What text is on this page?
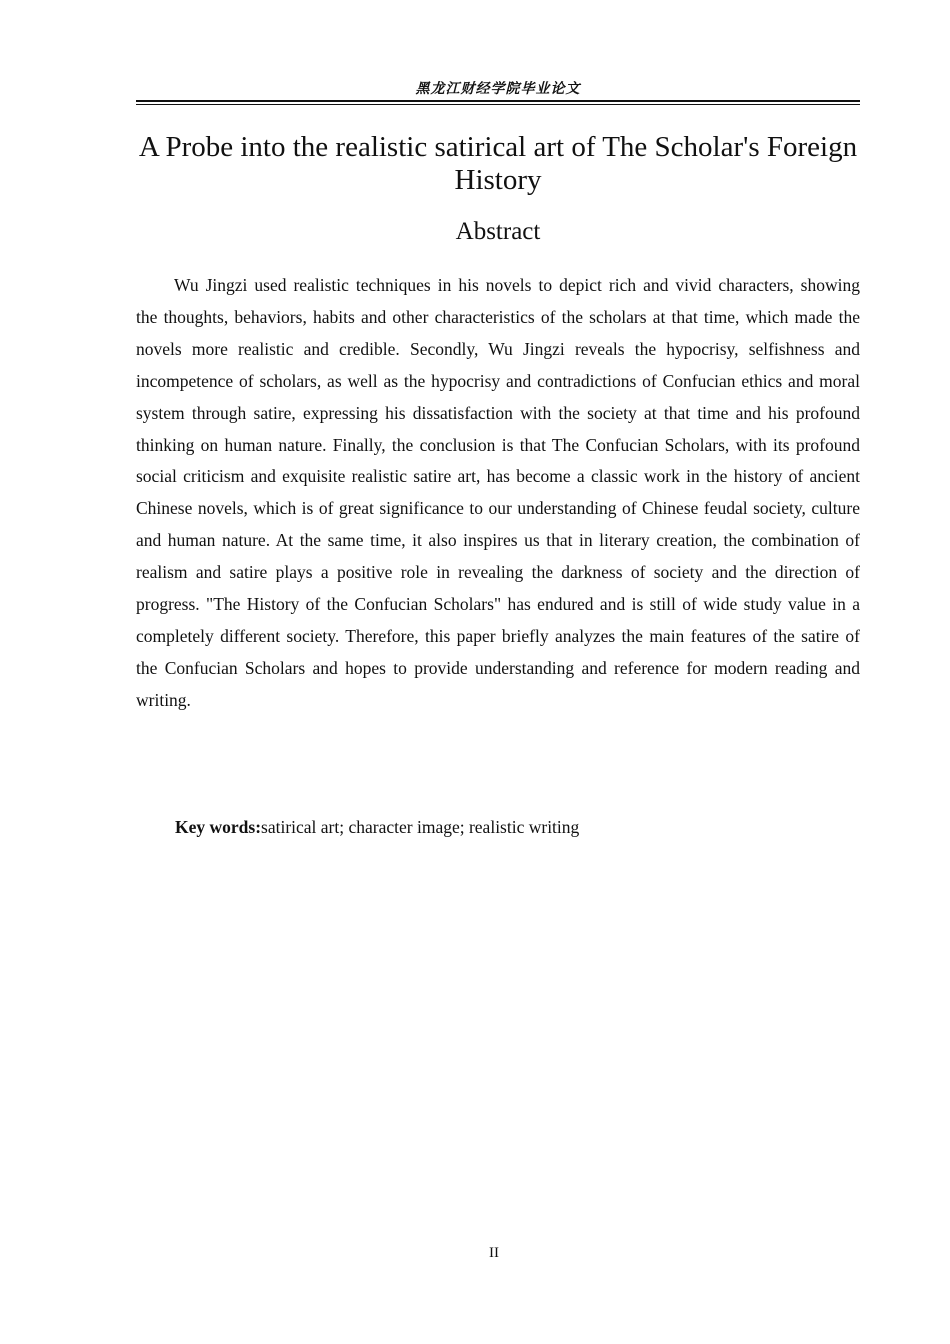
黑龙江财经学院毕业论文
A Probe into the realistic satirical art of The Scholar's Foreign History
Abstract

Wu Jingzi used realistic techniques in his novels to depict rich and vivid characters, showing the thoughts, behaviors, habits and other characteristics of the scholars at that time, which made the novels more realistic and credible. Secondly, Wu Jingzi reveals the hypocrisy, selfishness and incompetence of scholars, as well as the hypocrisy and contradictions of Confucian ethics and moral system through satire, expressing his dissatisfaction with the society at that time and his profound thinking on human nature. Finally, the conclusion is that The Confucian Scholars, with its profound social criticism and exquisite realistic satire art, has become a classic work in the history of ancient Chinese novels, which is of great significance to our understanding of Chinese feudal society, culture and human nature. At the same time, it also inspires us that in literary creation, the combination of realism and satire plays a positive role in revealing the darkness of society and the direction of progress. "The History of the Confucian Scholars" has endured and is still of wide study value in a completely different society. Therefore, this paper briefly analyzes the main features of the satire of the Confucian Scholars and hopes to provide understanding and reference for modern reading and writing.

Key words:satirical art; character image; realistic writing

II
